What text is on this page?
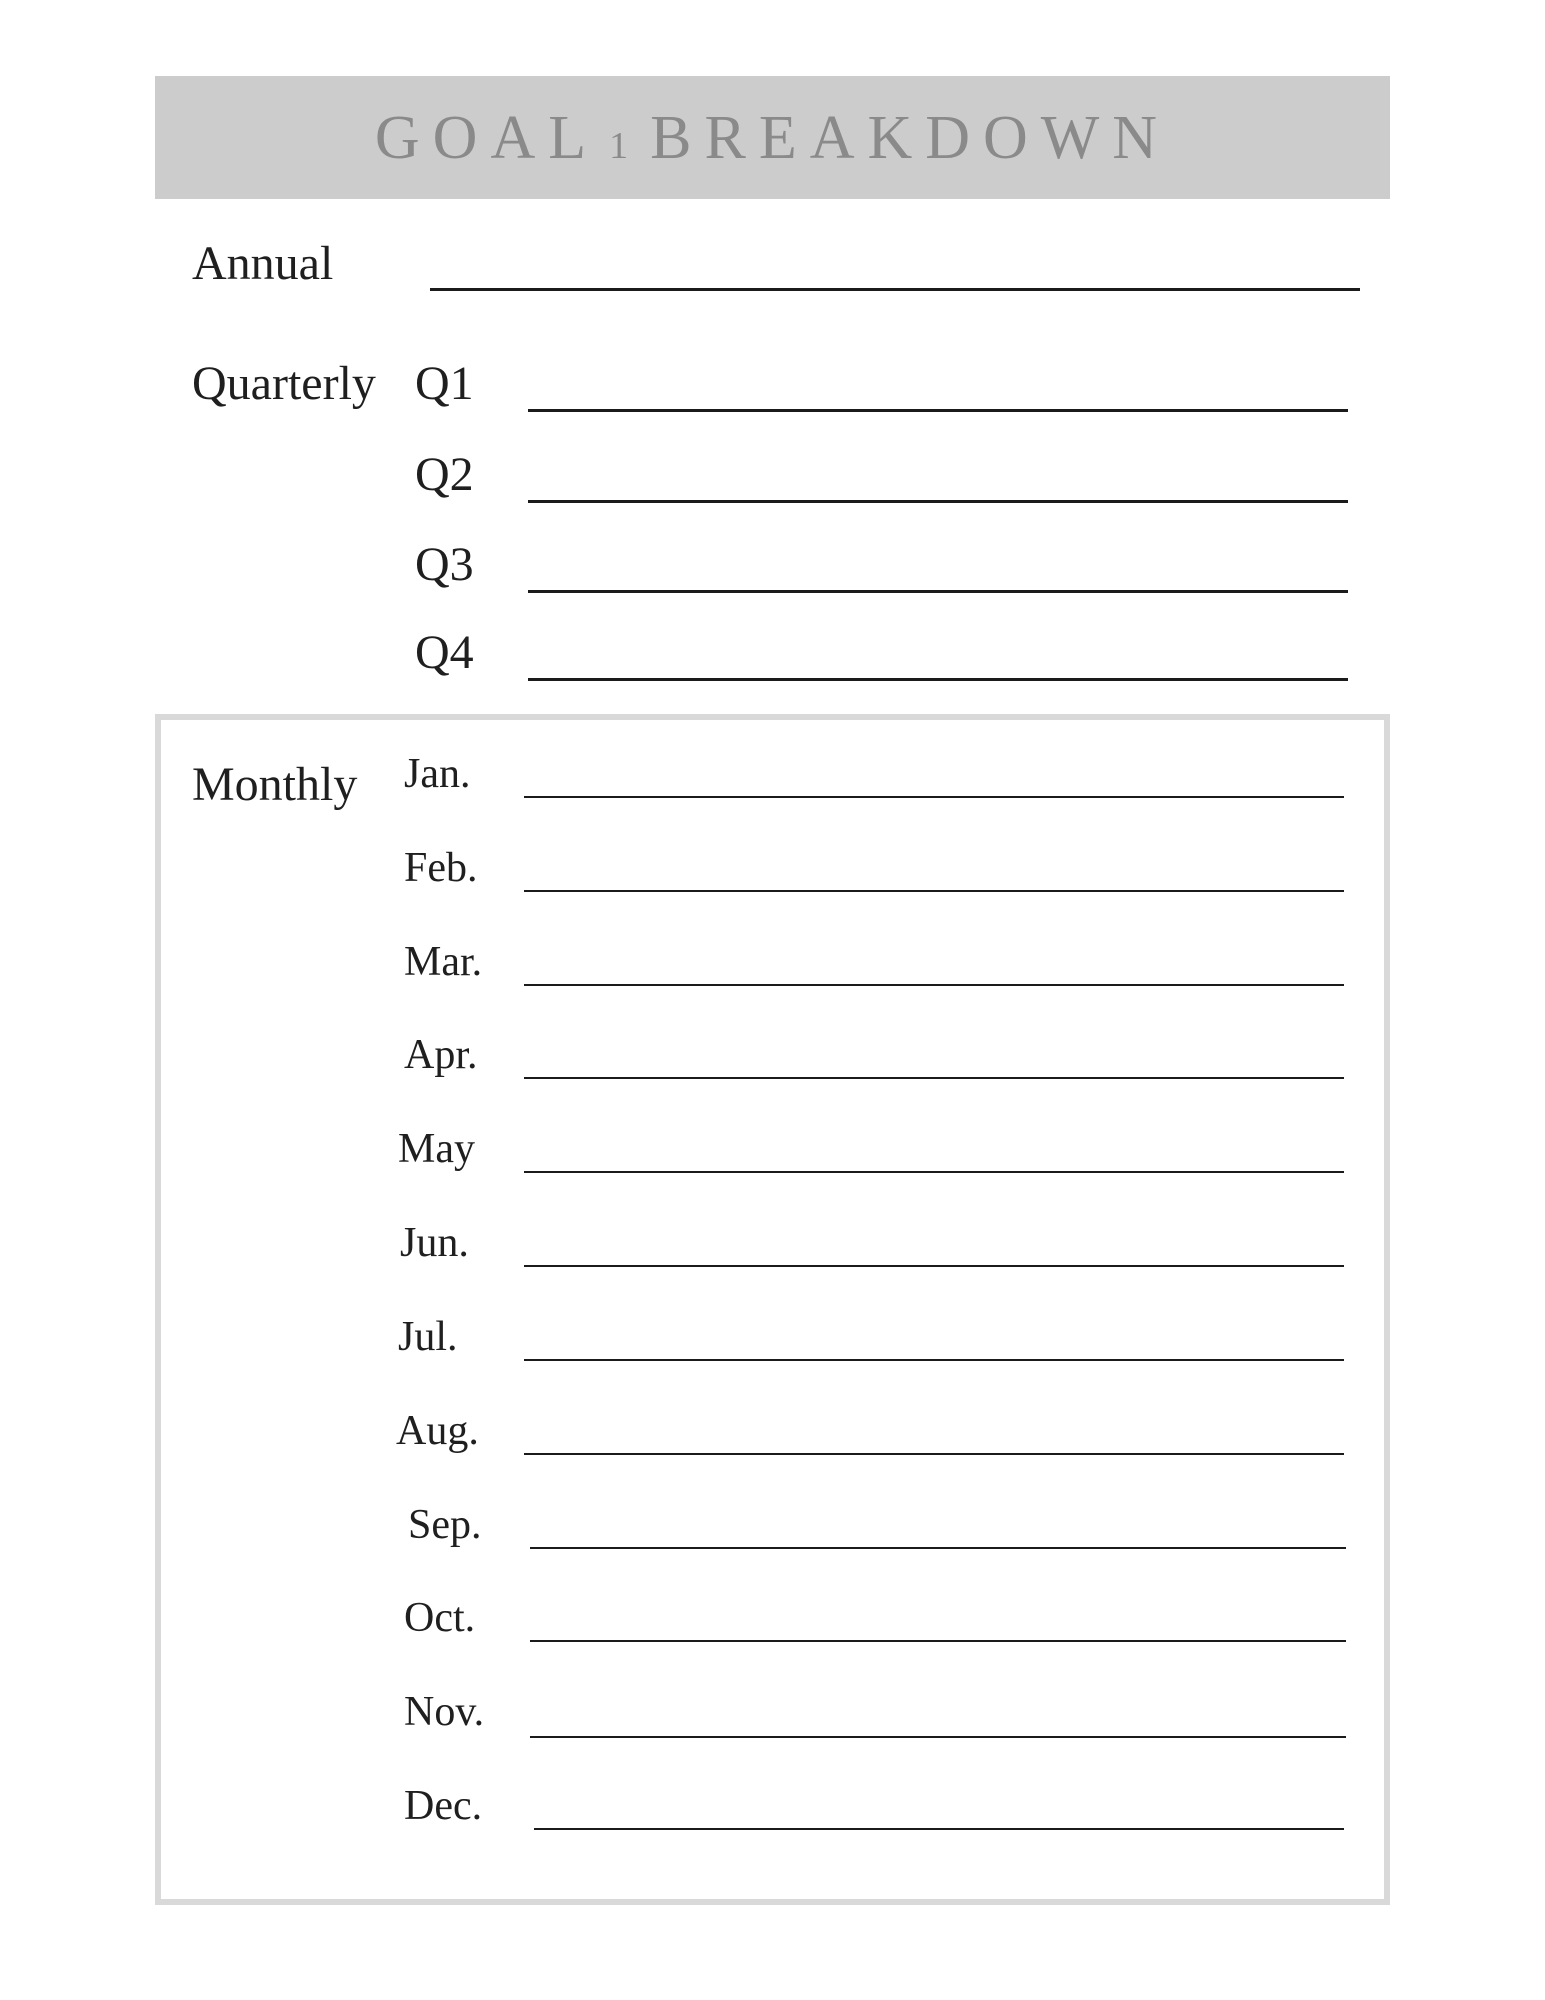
GOAL 1 BREAKDOWN
Annual
Quarterly Q1
Q2
Q3
Q4
Monthly Jan.
Feb.
Mar.
Apr.
May
Jun.
Jul.
Aug.
Sep.
Oct.
Nov.
Dec.
